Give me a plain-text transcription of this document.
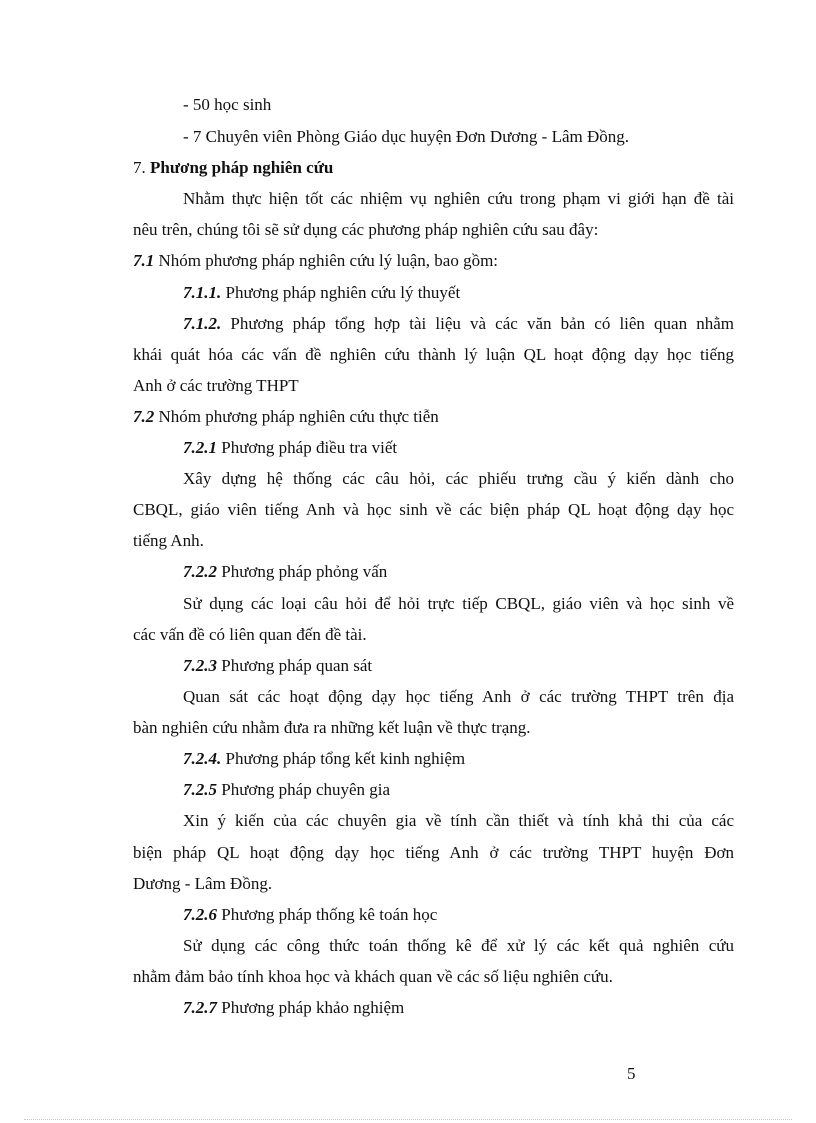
- 50 học sinh
- 7 Chuyên viên Phòng Giáo dục huyện Đơn Dương - Lâm Đồng.
7. Phương pháp nghiên cứu
Nhằm thực hiện tốt các nhiệm vụ nghiên cứu trong phạm vi giới hạn đề tài
nêu trên, chúng tôi sẽ sử dụng các phương pháp nghiên cứu sau đây:
7.1 Nhóm phương pháp nghiên cứu lý luận, bao gồm:
7.1.1. Phương pháp nghiên cứu lý thuyết
7.1.2. Phương pháp tổng hợp tài liệu và các văn bản có liên quan nhằm
khái quát hóa các vấn đề nghiên cứu thành lý luận QL hoạt động dạy học tiếng
Anh ở các trường THPT
7.2 Nhóm phương pháp nghiên cứu thực tiễn
7.2.1 Phương pháp điều tra viết
Xây dựng hệ thống các câu hỏi, các phiếu trưng cầu ý kiến dành cho
CBQL, giáo viên tiếng Anh và học sinh về các biện pháp QL hoạt động dạy học
tiếng Anh.
7.2.2 Phương pháp phỏng vấn
Sử dụng các loại câu hỏi để hỏi trực tiếp CBQL, giáo viên và học sinh về
các vấn đề có liên quan đến đề tài.
7.2.3 Phương pháp quan sát
Quan sát các hoạt động dạy học tiếng Anh ở các trường THPT trên địa
bàn nghiên cứu nhằm đưa ra những kết luận về thực trạng.
7.2.4. Phương pháp tổng kết kinh nghiệm
7.2.5 Phương pháp chuyên gia
Xin ý kiến của các chuyên gia về tính cần thiết và tính khả thi của các
biện pháp QL hoạt động dạy học tiếng Anh ở các trường THPT huyện Đơn
Dương - Lâm Đồng.
7.2.6 Phương pháp thống kê toán học
Sử dụng các công thức toán thống kê để xử lý các kết quả nghiên cứu
nhằm đảm bảo tính khoa học và khách quan về các số liệu nghiên cứu.
7.2.7 Phương pháp khảo nghiệm
5
